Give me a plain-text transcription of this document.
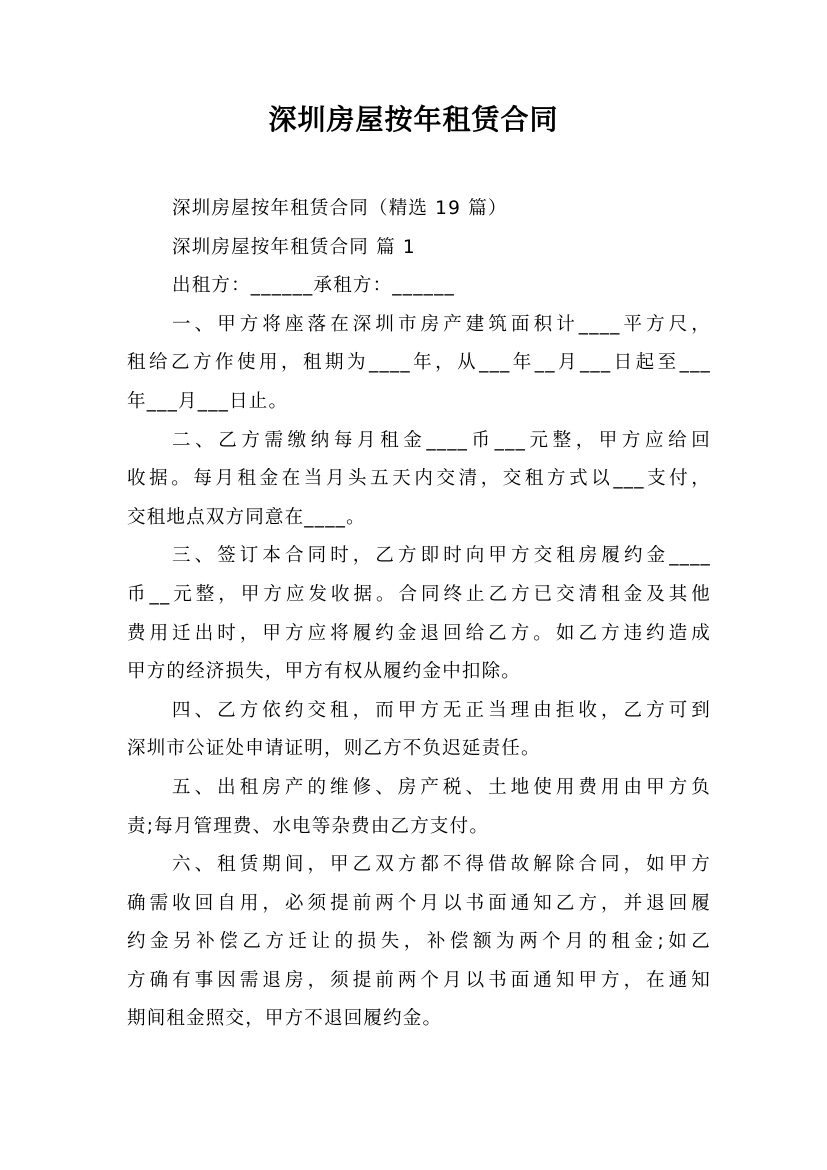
深圳房屋按年租赁合同
深圳房屋按年租赁合同（精选 19 篇）
深圳房屋按年租赁合同 篇 1
出租方：______承租方：______
一、甲方将座落在深圳市房产建筑面积计____平方尺，
租给乙方作使用，租期为____年，从___年__月___日起至___
年___月___日止。
二、乙方需缴纳每月租金____币___元整，甲方应给回
收据。每月租金在当月头五天内交清，交租方式以___支付，
交租地点双方同意在____。
三、签订本合同时，乙方即时向甲方交租房履约金____
币__元整，甲方应发收据。合同终止乙方已交清租金及其他
费用迁出时，甲方应将履约金退回给乙方。如乙方违约造成
甲方的经济损失，甲方有权从履约金中扣除。
四、乙方依约交租，而甲方无正当理由拒收，乙方可到
深圳市公证处申请证明，则乙方不负迟延责任。
五、出租房产的维修、房产税、土地使用费用由甲方负
责;每月管理费、水电等杂费由乙方支付。
六、租赁期间，甲乙双方都不得借故解除合同，如甲方
确需收回自用，必须提前两个月以书面通知乙方，并退回履
约金另补偿乙方迁让的损失，补偿额为两个月的租金;如乙
方确有事因需退房，须提前两个月以书面通知甲方，在通知
期间租金照交，甲方不退回履约金。
